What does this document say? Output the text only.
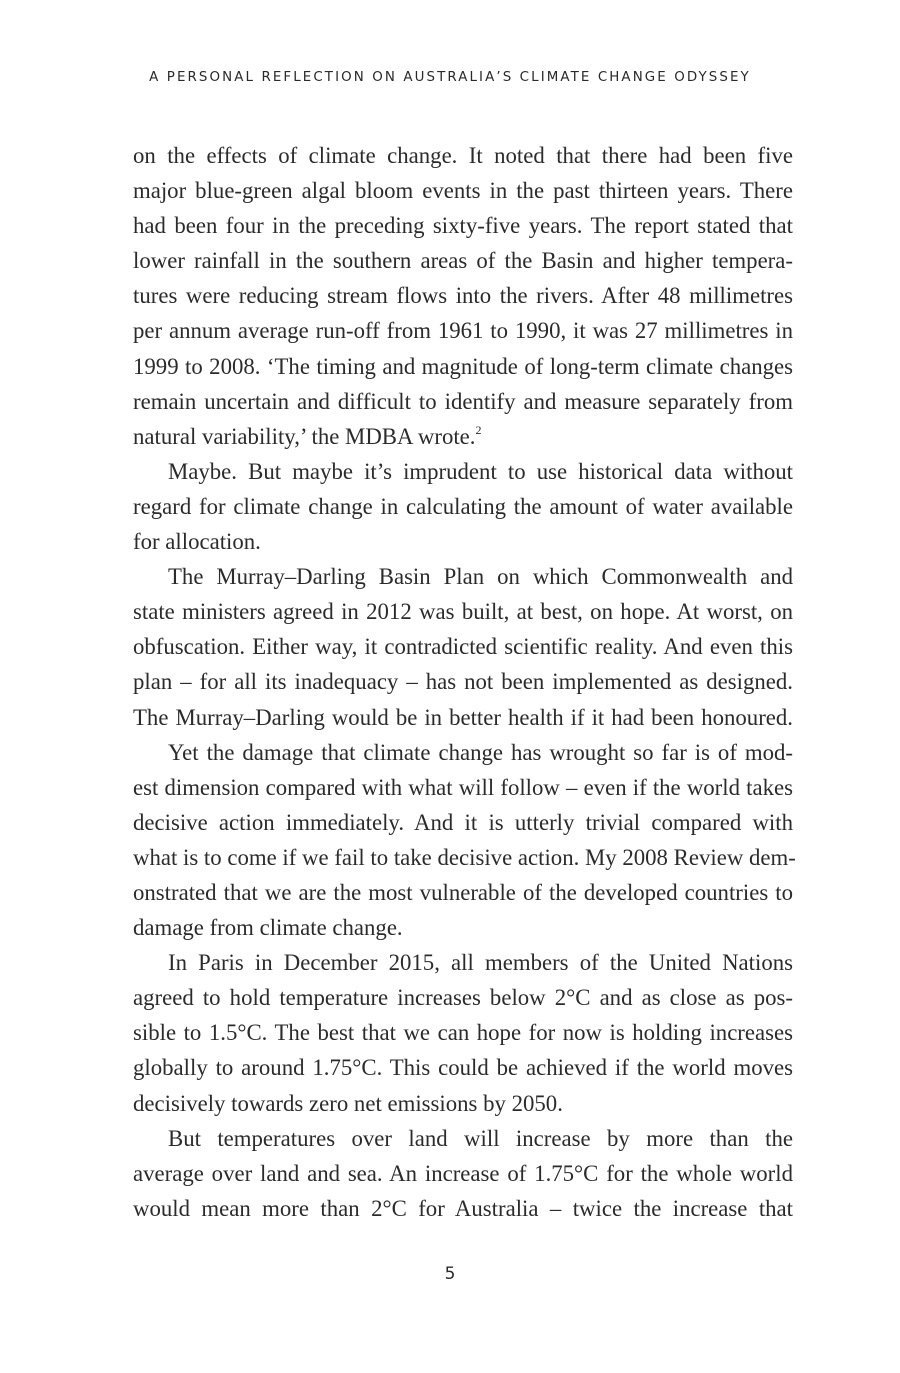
A PERSONAL REFLECTION ON AUSTRALIA’S CLIMATE CHANGE ODYSSEY
on the effects of climate change. It noted that there had been five
major blue-green algal bloom events in the past thirteen years. There
had been four in the preceding sixty-five years. The report stated that
lower rainfall in the southern areas of the Basin and higher tempera-
tures were reducing stream flows into the rivers. After 48 millimetres
per annum average run-off from 1961 to 1990, it was 27 millimetres in
1999 to 2008. ‘The timing and magnitude of long-term climate changes
remain uncertain and difficult to identify and measure separately from
natural variability,’ the MDBA wrote.$^2$
Maybe. But maybe it’s imprudent to use historical data without
regard for climate change in calculating the amount of water available
for allocation.
The Murray–Darling Basin Plan on which Commonwealth and
state ministers agreed in 2012 was built, at best, on hope. At worst, on
obfuscation. Either way, it contradicted scientific reality. And even this
plan – for all its inadequacy – has not been implemented as designed.
The Murray–Darling would be in better health if it had been honoured.
Yet the damage that climate change has wrought so far is of mod-
est dimension compared with what will follow – even if the world takes
decisive action immediately. And it is utterly trivial compared with
what is to come if we fail to take decisive action. My 2008 Review dem-
onstrated that we are the most vulnerable of the developed countries to
damage from climate change.
In Paris in December 2015, all members of the United Nations
agreed to hold temperature increases below 2°C and as close as pos-
sible to 1.5°C. The best that we can hope for now is holding increases
globally to around 1.75°C. This could be achieved if the world moves
decisively towards zero net emissions by 2050.
But temperatures over land will increase by more than the
average over land and sea. An increase of 1.75°C for the whole world
would mean more than 2°C for Australia – twice the increase that
5
